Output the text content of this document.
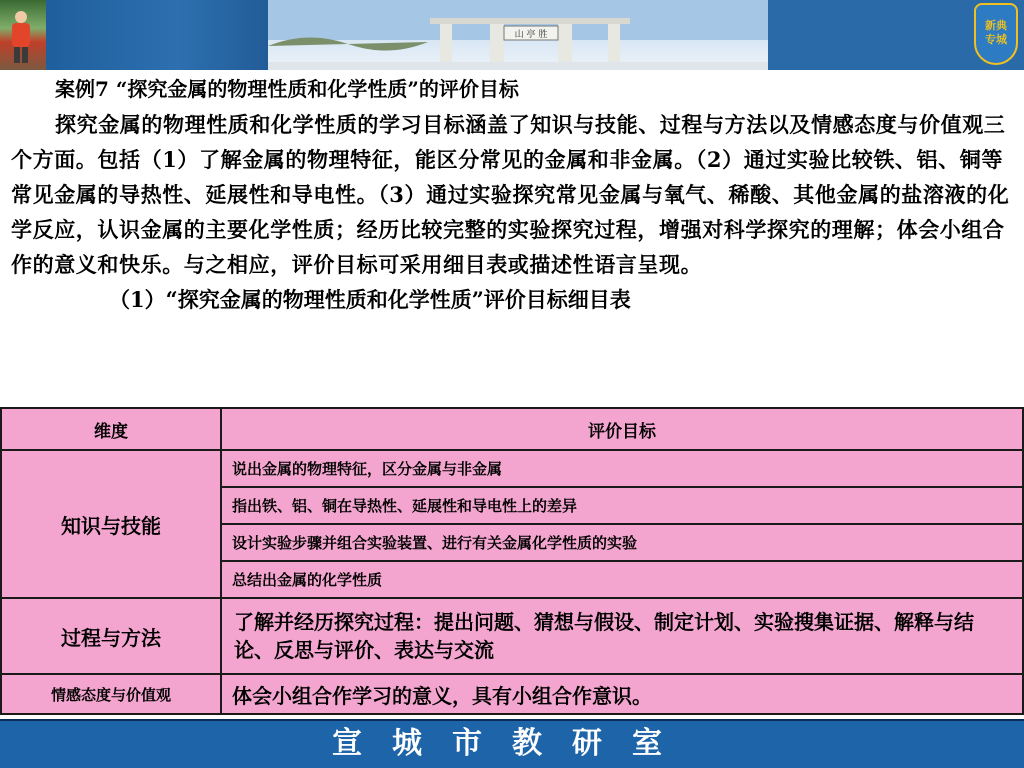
山 亭 胜
新典
专城
案例7 “探究金属的物理性质和化学性质”的评价目标
探究金属的物理性质和化学性质的学习目标涵盖了知识与技能、过程与方法以及情感态度与价值观三个方面。包括（1）了解金属的物理特征，能区分常见的金属和非金属。（2）通过实验比较铁、铝、铜等常见金属的导热性、延展性和导电性。（3）通过实验探究常见金属与氧气、稀酸、其他金属的盐溶液的化学反应，认识金属的主要化学性质；经历比较完整的实验探究过程，增强对科学探究的理解；体会小组合作的意义和快乐。与之相应，评价目标可采用细目表或描述性语言呈现。
（1）“探究金属的物理性质和化学性质”评价目标细目表
维度	评价目标
知识与技能	说出金属的物理特征，区分金属与非金属
	指出铁、铝、铜在导热性、延展性和导电性上的差异
	设计实验步骤并组合实验装置、进行有关金属化学性质的实验
	总结出金属的化学性质
过程与方法	了解并经历探究过程：提出问题、猜想与假设、制定计划、实验搜集证据、解释与结论、反思与评价、表达与交流
情感态度与价值观	体会小组合作学习的意义，具有小组合作意识。
宣城市教研室
